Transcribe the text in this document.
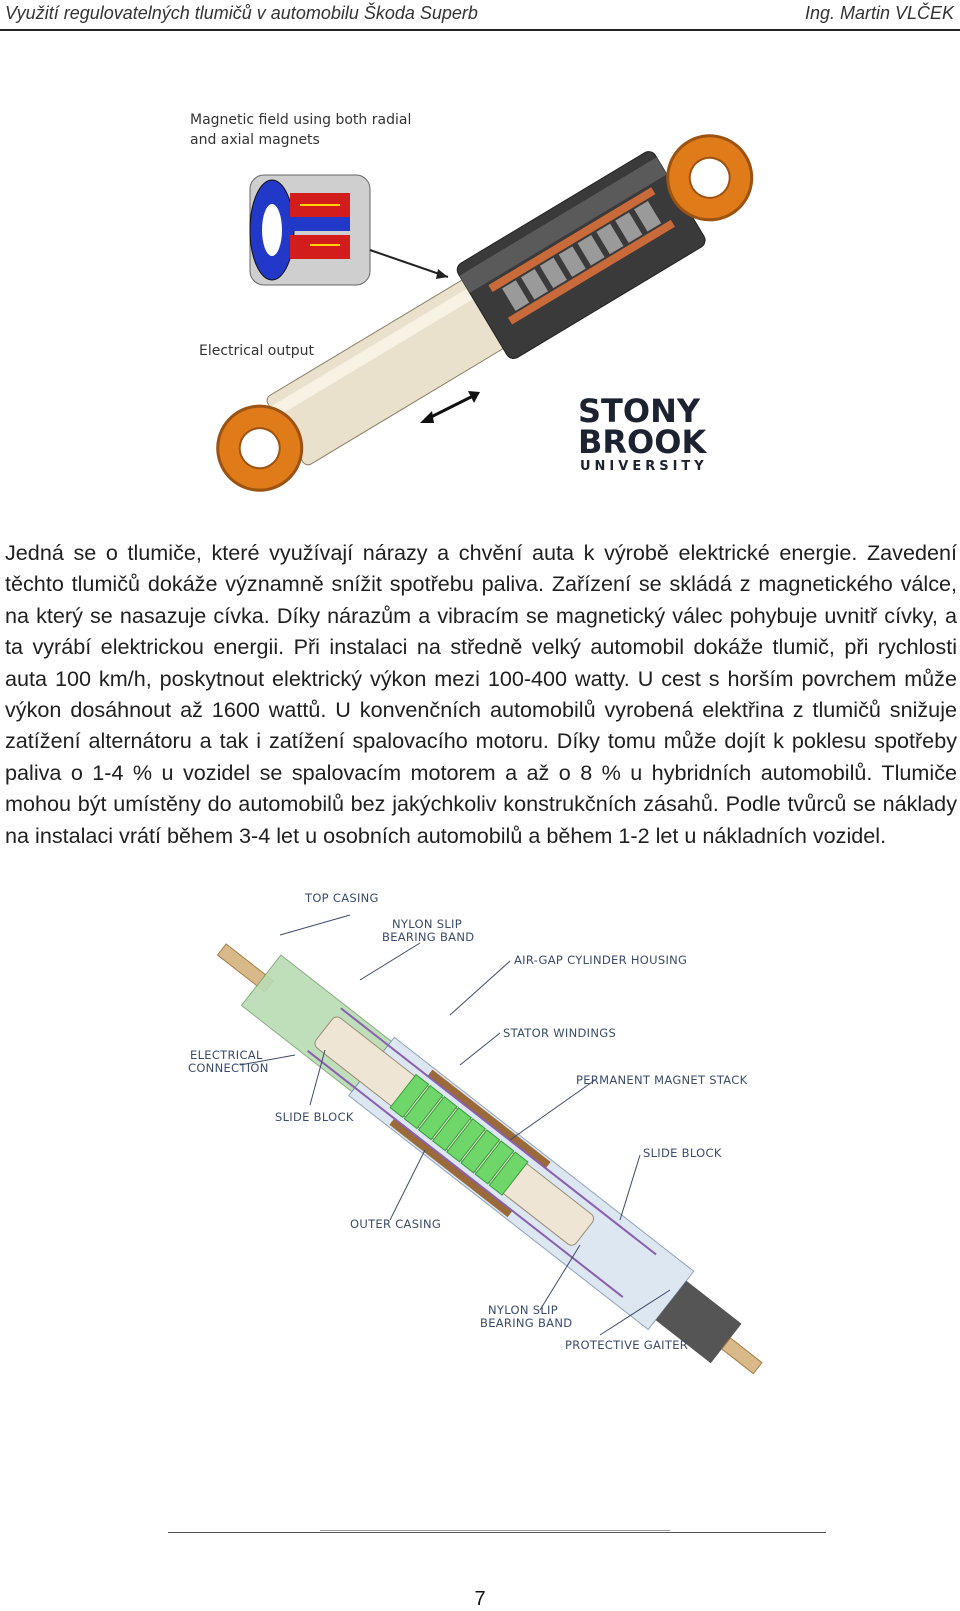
Využití regulovatelných tlumičů v automobilu Škoda Superb	Ing. Martin VLČEK
Magnetic field using both radial
and axial magnets
Electrical output
STONY
BROOK
UNIVERSITY

Jedná se o tlumiče, které využívají nárazy a chvění auta k výrobě elektrické energie. Zavedení těchto tlumičů dokáže významně snížit spotřebu paliva. Zařízení se skládá z magnetického válce, na který se nasazuje cívka. Díky nárazům a vibracím se magnetický válec pohybuje uvnitř cívky, a ta vyrábí elektrickou energii. Při instalaci na středně velký automobil dokáže tlumič, při rychlosti auta 100 km/h, poskytnout elektrický výkon mezi 100-400 watty. U cest s horším povrchem může výkon dosáhnout až 1600 wattů. U konvenčních automobilů vyrobená elektřina z tlumičů snižuje zatížení alternátoru a tak i zatížení spalovacího motoru. Díky tomu může dojít k poklesu spotřeby paliva o 1-4 % u vozidel se spalovacím motorem a až o 8 % u hybridních automobilů. Tlumiče mohou být umístěny do automobilů bez jakýchkoliv konstrukčních zásahů. Podle tvůrců se náklady na instalaci vrátí během 3-4 let u osobních automobilů a během 1-2 let u nákladních vozidel.

TOP CASING
NYLON SLIP
BEARING BAND
AIR-GAP CYLINDER HOUSING
STATOR WINDINGS
ELECTRICAL
CONNECTION
PERMANENT MAGNET STACK
SLIDE BLOCK
SLIDE BLOCK
OUTER CASING
NYLON SLIP
BEARING BAND
PROTECTIVE GAITER
7
